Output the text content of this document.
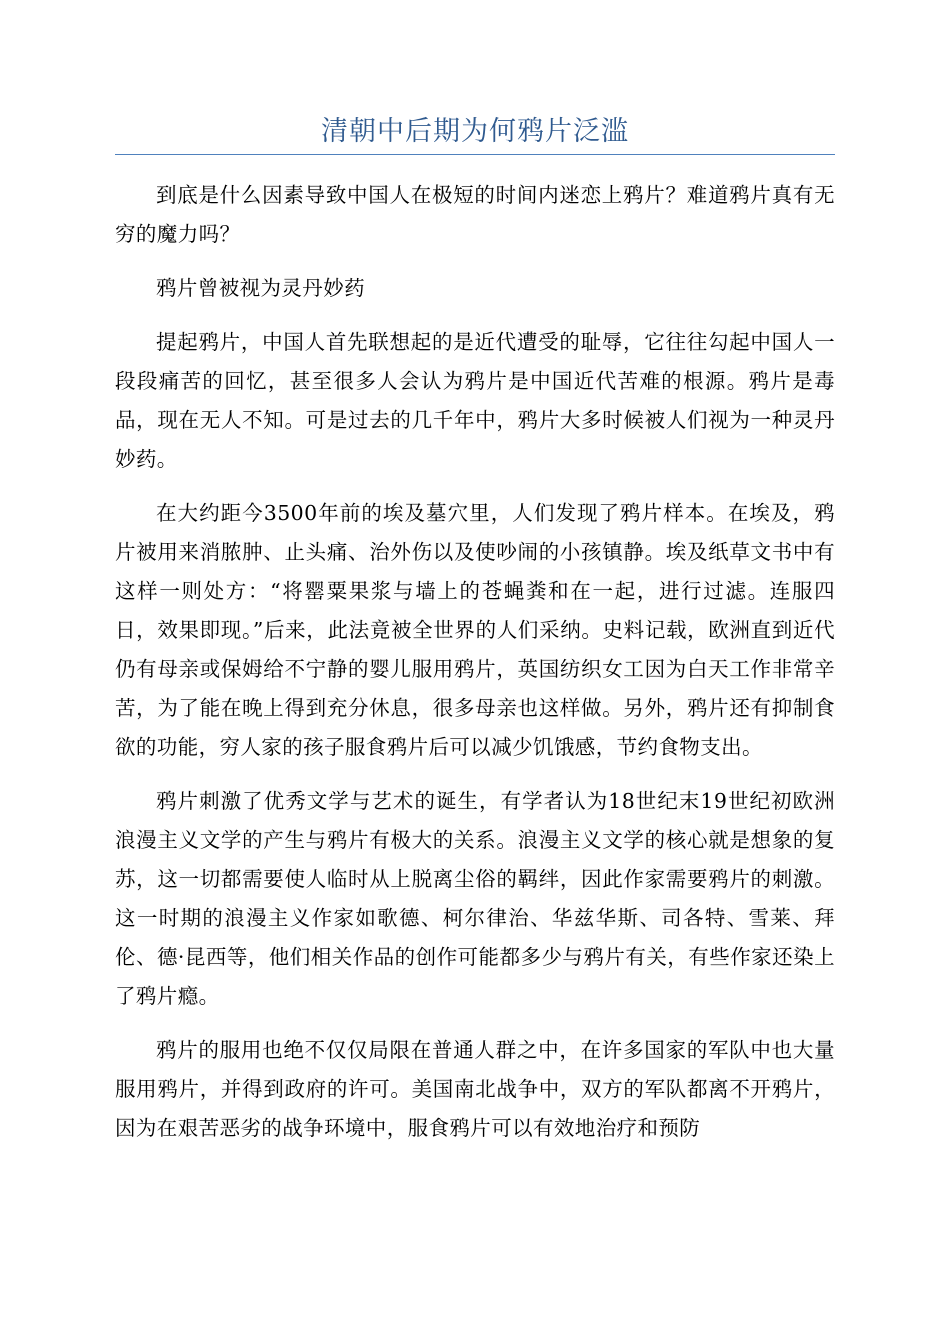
清朝中后期为何鸦片泛滥

到底是什么因素导致中国人在极短的时间内迷恋上鸦片？难道鸦片真有无穷的魔力吗？

鸦片曾被视为灵丹妙药

提起鸦片，中国人首先联想起的是近代遭受的耻辱，它往往勾起中国人一段段痛苦的回忆，甚至很多人会认为鸦片是中国近代苦难的根源。鸦片是毒品，现在无人不知。可是过去的几千年中，鸦片大多时候被人们视为一种灵丹妙药。

在大约距今3500年前的埃及墓穴里，人们发现了鸦片样本。在埃及，鸦片被用来消脓肿、止头痛、治外伤以及使吵闹的小孩镇静。埃及纸草文书中有这样一则处方：“将罂粟果浆与墙上的苍蝇粪和在一起，进行过滤。连服四日，效果即现。”后来，此法竟被全世界的人们采纳。史料记载，欧洲直到近代仍有母亲或保姆给不宁静的婴儿服用鸦片，英国纺织女工因为白天工作非常辛苦，为了能在晚上得到充分休息，很多母亲也这样做。另外，鸦片还有抑制食欲的功能，穷人家的孩子服食鸦片后可以减少饥饿感，节约食物支出。

鸦片刺激了优秀文学与艺术的诞生，有学者认为18世纪末19世纪初欧洲浪漫主义文学的产生与鸦片有极大的关系。浪漫主义文学的核心就是想象的复苏，这一切都需要使人临时从上脱离尘俗的羁绊，因此作家需要鸦片的刺激。这一时期的浪漫主义作家如歌德、柯尔律治、华兹华斯、司各特、雪莱、拜伦、德·昆西等，他们相关作品的创作可能都多少与鸦片有关，有些作家还染上了鸦片瘾。

鸦片的服用也绝不仅仅局限在普通人群之中，在许多国家的军队中也大量服用鸦片，并得到政府的许可。美国南北战争中，双方的军队都离不开鸦片，因为在艰苦恶劣的战争环境中，服食鸦片可以有效地治疗和预防
